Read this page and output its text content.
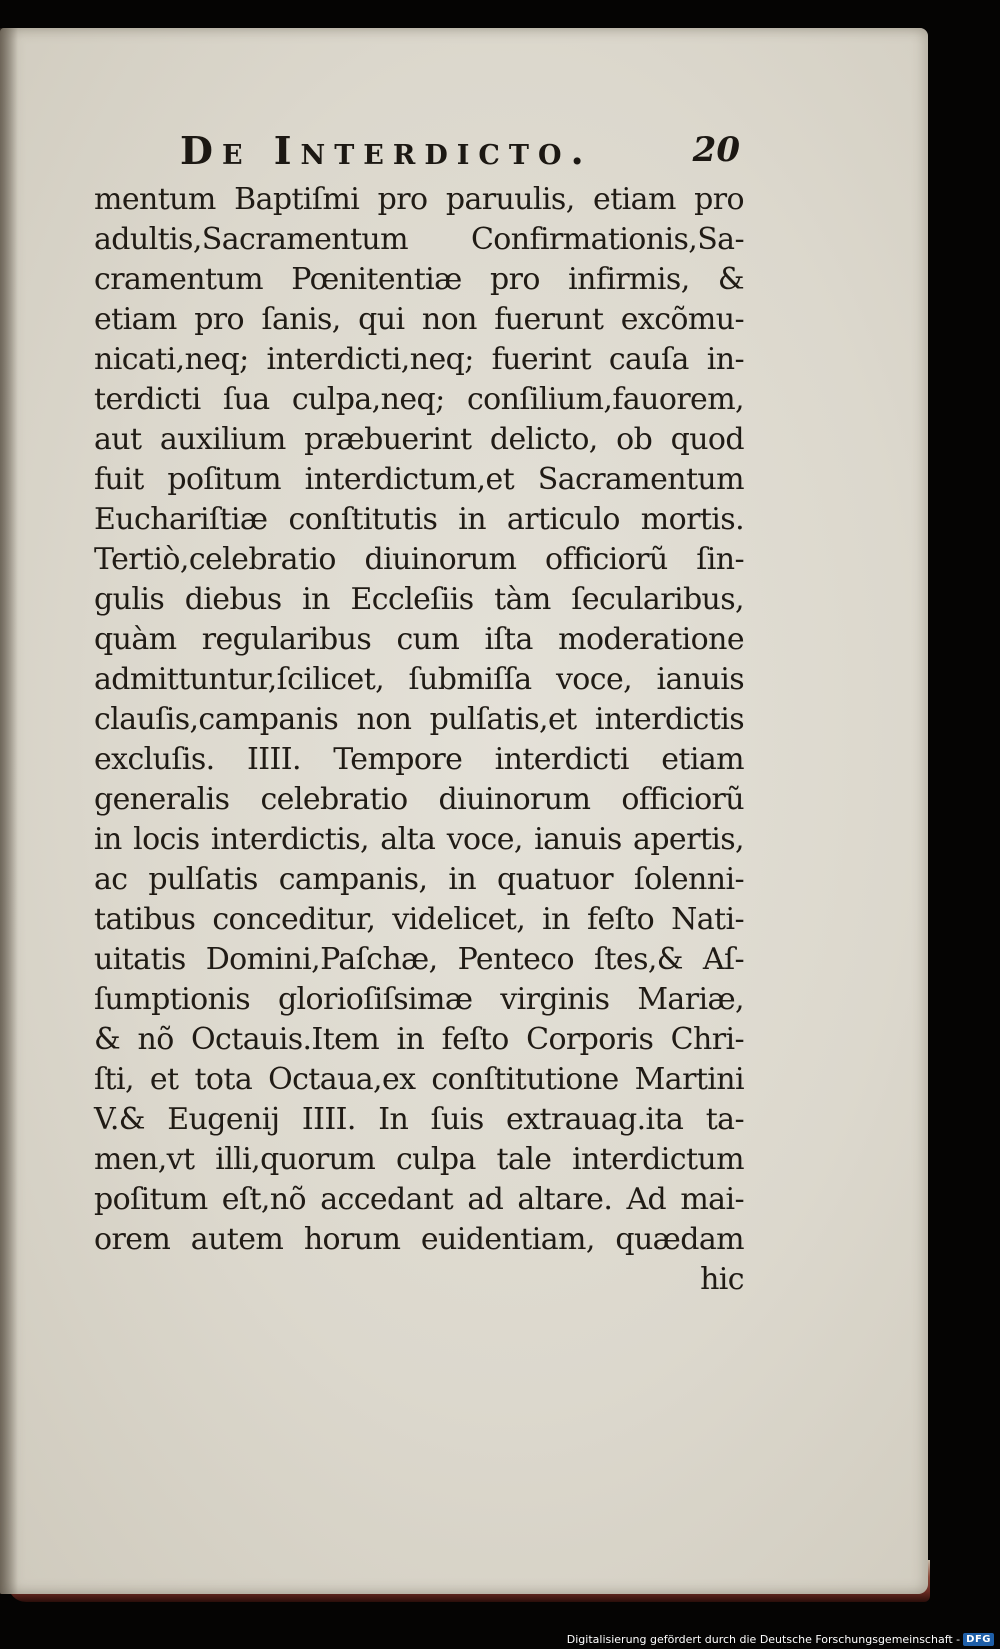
De Interdicto.	20
mentum Baptiſmi pro paruulis, etiam pro
adultis,Sacramentum Confirmationis,Sa-
cramentum Pœnitentiæ pro infirmis, &
etiam pro ſanis, qui non fuerunt excõmu-
nicati,neq; interdicti,neq; fuerint cauſa in-
terdicti ſua culpa,neq; conſilium,fauorem,
aut auxilium præbuerint delicto, ob quod
fuit poſitum interdictum,et Sacramentum
Euchariſtiæ conſtitutis in articulo mortis.
Tertiò,celebratio diuinorum officiorũ ſin-
gulis diebus in Eccleſiis tàm ſecularibus,
quàm regularibus cum iſta moderatione
admittuntur,ſcilicet, ſubmiſſa voce, ianuis
clauſis,campanis non pulſatis,et interdictis
excluſis. IIII. Tempore interdicti etiam
generalis celebratio diuinorum officiorũ
in locis interdictis, alta voce, ianuis apertis,
ac pulſatis campanis, in quatuor ſolenni-
tatibus conceditur, videlicet, in feſto Nati-
uitatis Domini,Paſchæ, Penteco ſtes,& Aſ-
ſumptionis glorioſiſsimæ virginis Mariæ,
& nõ Octauis.Item in feſto Corporis Chri-
ſti, et tota Octaua,ex conſtitutione Martini
V.& Eugenij IIII. In ſuis extrauag.ita ta-
men,vt illi,quorum culpa tale interdictum
poſitum eſt,nõ accedant ad altare. Ad mai-
orem autem horum euidentiam, quædam
hic
Digitalisierung gefördert durch die Deutsche Forschungsgemeinschaft - DFG
